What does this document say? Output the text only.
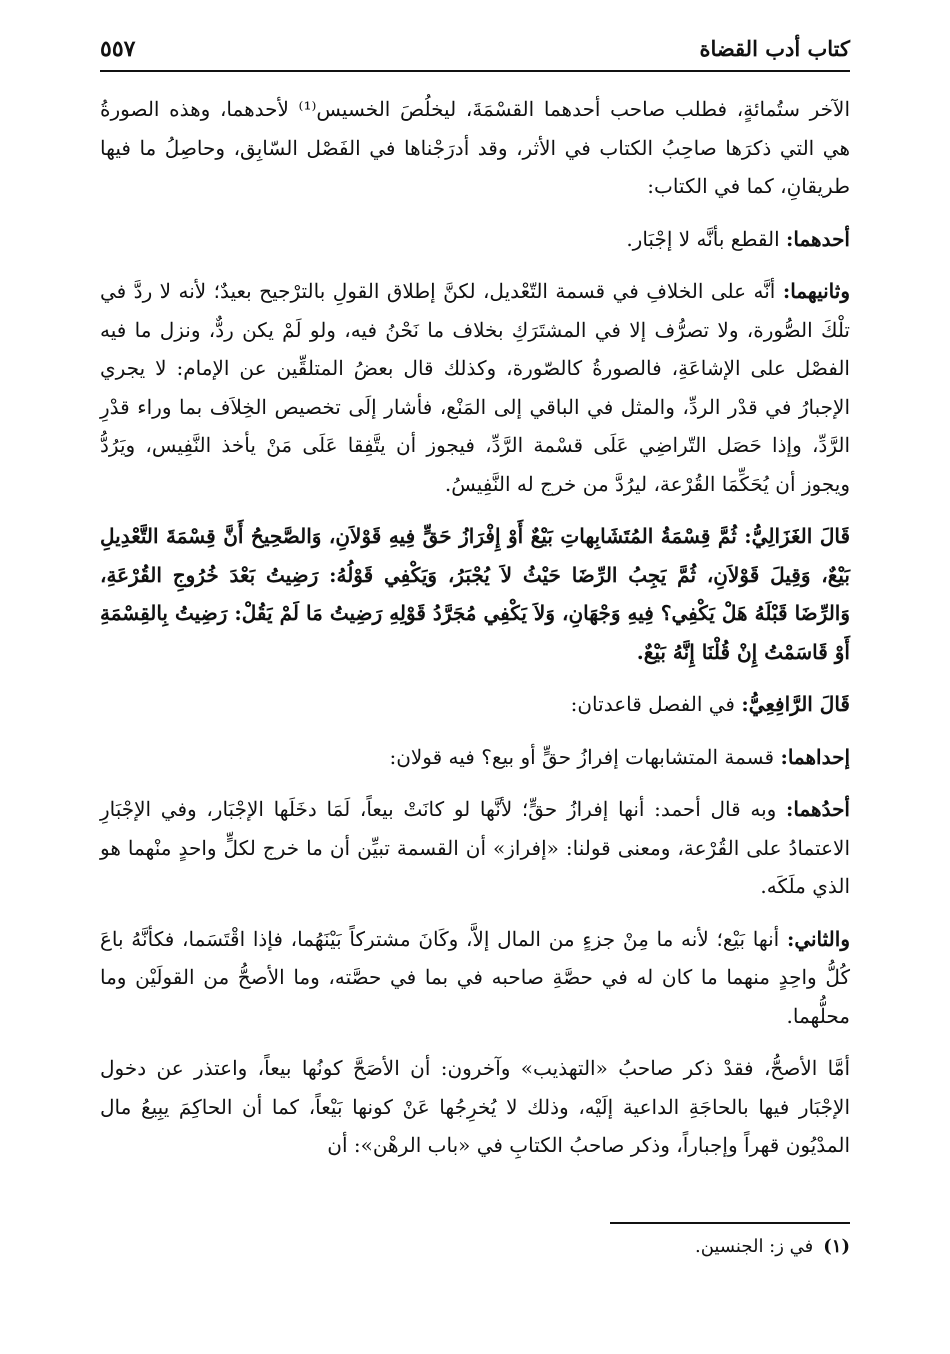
كتاب أدب القضاة
٥٥٧

الآخر ستُمائةٍ، فطلب صاحب أحدهما القسْمَةَ، ليخلُصَ الخسيس⁽¹⁾ لأحدهما، وهذه الصورةُ هي التي ذكرَها صاحِبُ الكتاب في الأثر، وقد أدرَجْناها في الفَصْل السّابِق، وحاصِلُ ما فيها طريقانِ، كما في الكتاب:

أحدهما: القطع بأنَّه لا إجْبَار.

وثانيهما: أنَّه على الخلافِ في قسمة التّعْديل، لكنَّ إطلاق القولِ بالترْجيح بعيدٌ؛ لأنه لا ردَّ في تلْكَ الصُّورة، ولا تصرُّف إلا في المشتَرَكِ بخلاف ما نَحْنُ فيه، ولو لَمْ يكن ردٌّ، ونزل ما فيه الفصْل على الإشاعَةِ، فالصورةُ كالصّورة، وكذلك قال بعضُ المتلقِّين عن الإمام: لا يجري الإجبارُ في قدْر الردِّ، والمثل في الباقي إلى المَنْع، فأشار إلَى تخصيص الخِلاَف بما وراء قدْرِ الرَّدِّ، وإذا حَصَل التّراضِي عَلَى قسْمة الرَّدِّ، فيجوز أن يتَّفِقا عَلَى مَنْ يأخذ النَّفِيس، ويَرُدُّ ويجوز أن يُحَكِّمَا القُرْعة، ليرُدَّ من خرج له النَّفِيسُ.

قَالَ الغَزَالِيُّ: ثُمَّ قِسْمَةُ المُتَشَابِهاتِ بَيْعٌ أَوْ إِفْرَازُ حَقٍّ فِيهِ قَوْلاَنِ، وَالصَّحِيحُ أَنَّ قِسْمَةَ التَّعْدِيلِ بَيْعٌ، وَقِيلَ قَوْلاَنِ، ثُمَّ يَجِبُ الرِّضَا حَيْثُ لاَ يُجْبَرُ، وَيَكْفِي قَوْلُهُ: رَضِيتُ بَعْدَ خُرُوجِ القُرْعَةِ، وَالرِّضَا قَبْلَهُ هَلْ يَكْفِي؟ فِيهِ وَجْهَانِ، وَلاَ يَكْفِي مُجَرَّدُ قَوْلِهِ رَضِيتُ مَا لَمْ يَقُلْ: رَضِيتُ بِالقِسْمَةِ أَوْ قَاسَمْتُ إِنْ قُلْنَا إِنَّهُ بَيْعٌ.

قَالَ الرَّافِعِيُّ: في الفصل قاعدتان:

إحداهما: قسمة المتشابهات إفرازُ حقٍّ أو بيع؟ فيه قولان:

أحدُهما: وبه قال أحمد: أنها إفرازُ حقٍّ؛ لأنَّها لو كانَتْ بيعاً، لَمَا دخَلَها الإجْبَار، وفي الإجْبَارِ الاعتمادُ على القُرْعة، ومعنى قولنا: «إفراز» أن القسمة تبيِّن أن ما خرج لكلٍّ واحدٍ منْهما هو الذي ملَكَه.

والثاني: أنها بَيْع؛ لأنه ما مِنْ جزءٍ من المال إلاَّ، وكَانَ مشتركاً بَيْنَهُما، فإذا اقْتَسَما، فكأنَّهُ باعَ كُلُّ واحِدٍ منهما ما كان له في حصَّةِ صاحبه في بما في حصَّته، وما الأصحُّ من القولَيْن وما محلُّهما.

أمَّا الأصحُّ، فقدْ ذكر صاحبُ «التهذيب» وآخرون: أن الأصَحَّ كونُها بيعاً، واعتذر عن دخول الإجْبَار فيها بالحاجَةِ الداعية إلَيْه، وذلك لا يُخرِجُها عَنْ كونها بَيْعاً، كما أن الحاكِمَ يبِيعُ مال المدْيُون قهراً وإجباراً، وذكر صاحبُ الكتابِ في «باب الرهْن»: أن

(١)في ز: الجنسين.
